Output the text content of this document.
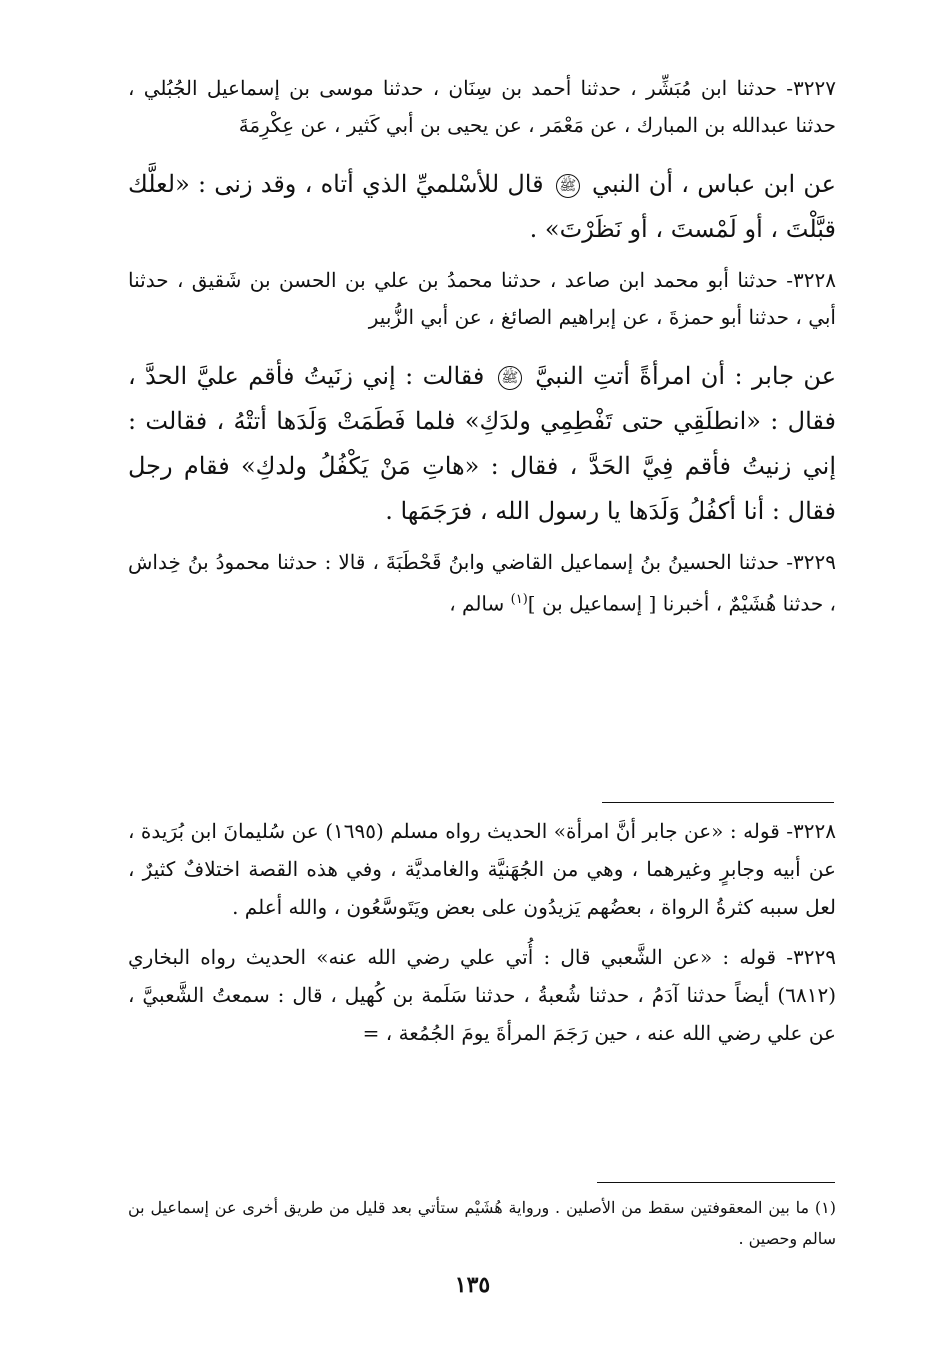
٣٢٢٧- حدثنا ابن مُبَشِّر ، حدثنا أحمد بن سِنَان ، حدثنا موسى بن إسماعيل الجُبُلي ، حدثنا عبدالله بن المبارك ، عن مَعْمَر ، عن يحيى بن أبي كَثير ، عن عِكْرِمَةَ

عن ابن عباس ، أن النبي ﷺ قال للأسْلميِّ الذي أتاه ، وقد زنى : «لعلَّك قبَّلْتَ ، أو لَمْستَ ، أو نَظَرْتَ» .

٣٢٢٨- حدثنا أبو محمد ابن صاعد ، حدثنا محمدُ بن علي بن الحسن بن شَقيق ، حدثنا أبي ، حدثنا أبو حمزةَ ، عن إبراهيم الصائغ ، عن أبي الزُّبير

عن جابر : أن امرأةً أتتِ النبيَّ ﷺ فقالت : إني زنَيتُ فأقم عليَّ الحدَّ ، فقال : «انطلَقِي حتى تَفْطِمِي ولدَكِ» فلما فَطَمَتْ وَلَدَها أتتْهُ ، فقالت : إني زنيتُ فأقم فِيَّ الحَدَّ ، فقال : «هاتِ مَنْ يَكْفُلُ ولدكِ» فقام رجل فقال : أنا أكفُلُ وَلَدَها يا رسول الله ، فرَجَمَها .

٣٢٢٩- حدثنا الحسينُ بنُ إسماعيل القاضي وابنُ قَحْطَبَةَ ، قالا : حدثنا محمودُ بنُ خِداش ، حدثنا هُشَيْمٌ ، أخبرنا [ إسماعيل بن ]$^{(١)}$ سالم ،

٣٢٢٨- قوله : «عن جابر أنَّ امرأة» الحديث رواه مسلم (١٦٩٥) عن سُليمانَ ابن بُرَيدة ، عن أبيه وجابرٍ وغيرهما ، وهي من الجُهَنيَّة والغامديَّة ، وفي هذه القصة اختلافٌ كثيرٌ ، لعل سببه كثرةُ الرواة ، بعضُهم يَزيدُون على بعض ويَتَوسَّعُون ، والله أعلم .

٣٢٢٩- قوله : «عن الشَّعبي قال : أُتي علي رضي الله عنه» الحديث رواه البخاري (٦٨١٢) أيضاً حدثنا آدَمُ ، حدثنا شُعبةُ ، حدثنا سَلَمة بن كُهيل ، قال : سمعتُ الشَّعبيَّ ، عن علي رضي الله عنه ، حين رَجَمَ المرأةَ يومَ الجُمُعة ، =

(١) ما بين المعقوفتين سقط من الأصلين . ورواية هُشَيْم ستأتي بعد قليل من طريق أخرى عن إسماعيل بن سالم وحصين .
١٣٥
